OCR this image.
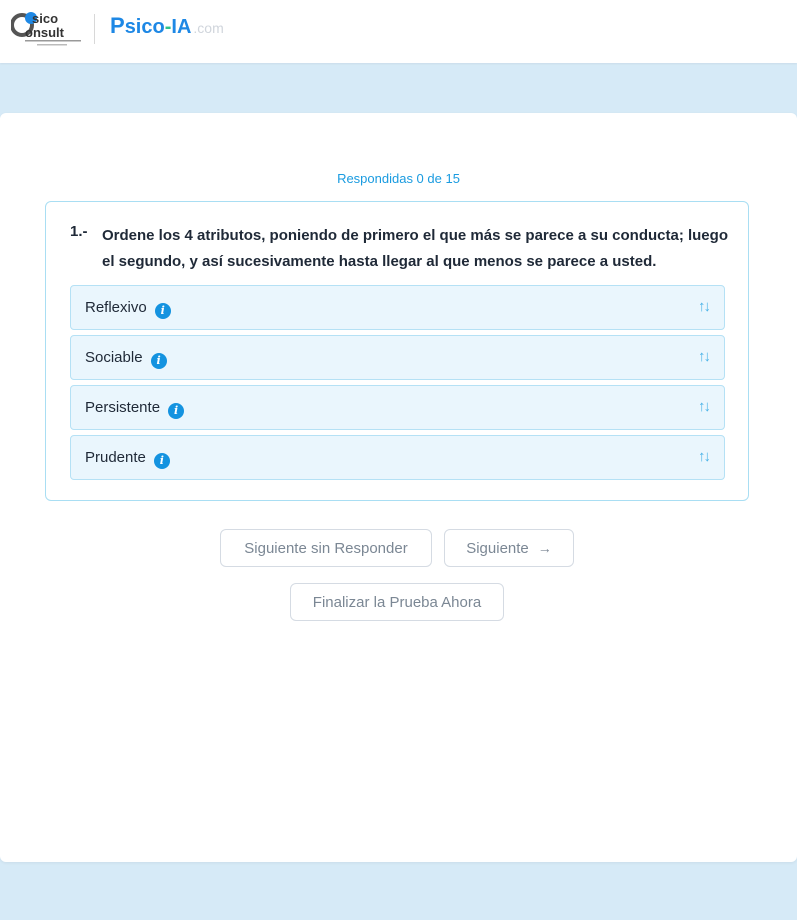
sico
onsult P sico - IA .com
Respondidas 0 de 15
1.- Ordene los 4 atributos, poniendo de primero el que más se parece a su conducta; luego el segundo, y así sucesivamente hasta llegar al que menos se parece a usted.
Reflexivo i	↑↓
Sociable i	↑↓
Persistente i	↑↓
Prudente i	↑↓
Siguiente sin Responder	Siguiente →
Finalizar la Prueba Ahora
